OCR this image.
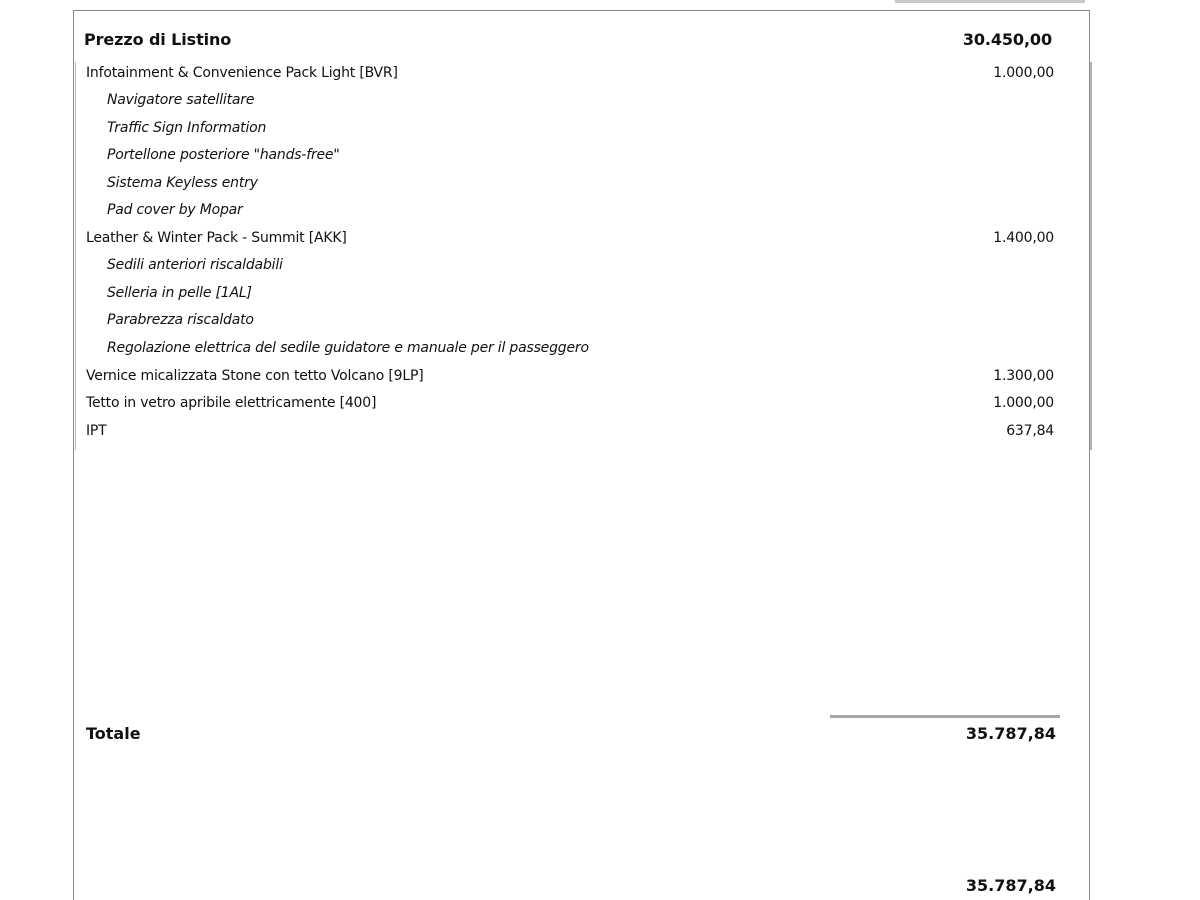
Prezzo di Listino	30.450,00
Infotainment & Convenience Pack Light [BVR]	1.000,00
Navigatore satellitare
Traffic Sign Information
Portellone posteriore "hands-free"
Sistema Keyless entry
Pad cover by Mopar
Leather & Winter Pack - Summit [AKK]	1.400,00
Sedili anteriori riscaldabili
Selleria in pelle [1AL]
Parabrezza riscaldato
Regolazione elettrica del sedile guidatore e manuale per il passeggero
Vernice micalizzata Stone con tetto Volcano [9LP]	1.300,00
Tetto in vetro apribile elettricamente [400]	1.000,00
IPT	637,84
Totale	35.787,84
35.787,84
